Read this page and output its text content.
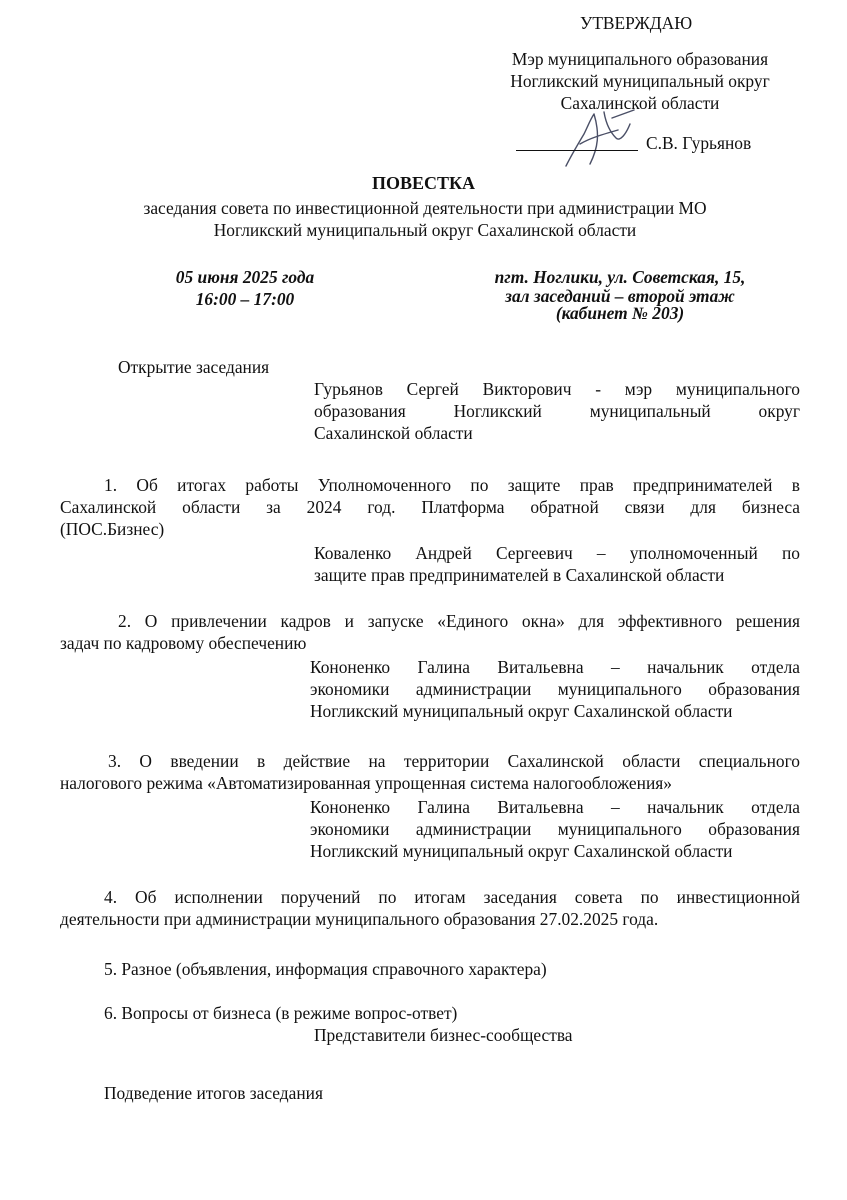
УТВЕРЖДАЮ
Мэр муниципального образования
Ногликский муниципальный округ
Сахалинской области
С.В. Гурьянов
ПОВЕСТКА
заседания совета по инвестиционной деятельности при администрации МО
Ногликский муниципальный округ Сахалинской области
05 июня 2025 года
16:00 – 17:00
пгт. Ноглики, ул. Советская, 15,
зал заседаний – второй этаж
(кабинет № 203)
Открытие заседания
Гурьянов Сергей Викторович - мэр муниципального
образования Ногликский муниципальный округ
Сахалинской области
1. Об итогах работы Уполномоченного по защите прав предпринимателей в
Сахалинской области за 2024 год. Платформа обратной связи для бизнеса
(ПОС.Бизнес)
Коваленко Андрей Сергеевич – уполномоченный по
защите прав предпринимателей в Сахалинской области
2. О привлечении кадров и запуске «Единого окна» для эффективного решения
задач по кадровому обеспечению
Кононенко Галина Витальевна – начальник отдела
экономики администрации муниципального образования
Ногликский муниципальный округ Сахалинской области
3. О введении в действие на территории Сахалинской области специального
налогового режима «Автоматизированная упрощенная система налогообложения»
Кононенко Галина Витальевна – начальник отдела
экономики администрации муниципального образования
Ногликский муниципальный округ Сахалинской области
4. Об исполнении поручений по итогам заседания совета по инвестиционной
деятельности при администрации муниципального образования 27.02.2025 года.
5. Разное (объявления, информация справочного характера)
6. Вопросы от бизнеса (в режиме вопрос-ответ)
Представители бизнес-сообщества
Подведение итогов заседания
